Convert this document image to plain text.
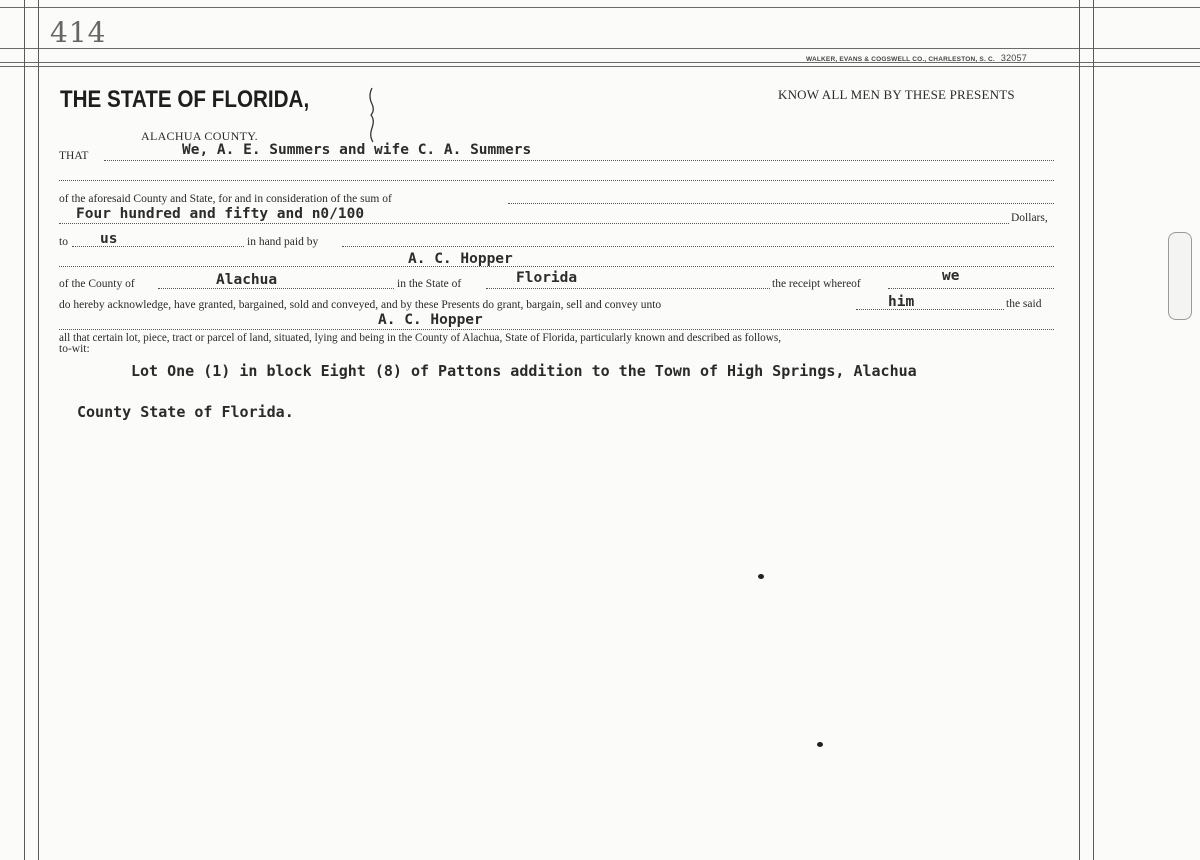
414
WALKER, EVANS & COGSWELL CO., CHARLESTON, S. C. 32057
THE STATE OF FLORIDA,	KNOW ALL MEN BY THESE PRESENTS
ALACHUA COUNTY.
THAT	We, A. E. Summers and wife C. A. Summers
of the aforesaid County and State, for and in consideration of the sum of
Four hundred and fifty and n0/100	Dollars,
to us	in hand paid by
A. C. Hopper
of the County of	Alachua	in the State of	Florida	the receipt whereof	we
do hereby acknowledge, have granted, bargained, sold and conveyed, and by these Presents do grant, bargain, sell and convey unto	him	the said
A. C. Hopper
all that certain lot, piece, tract or parcel of land, situated, lying and being in the County of Alachua, State of Florida, particularly known and described as follows,
to-wit:
Lot One (1) in block Eight (8) of Pattons addition to the Town of High Springs, Alachua
County State of Florida.
